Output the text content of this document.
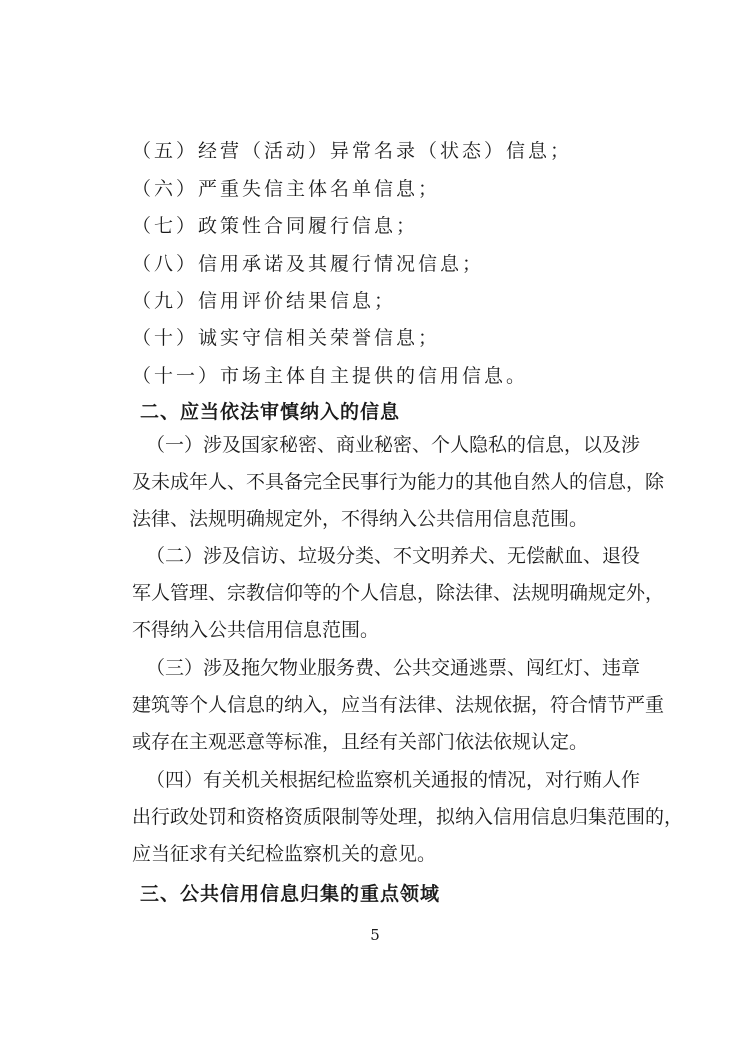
（五）经营（活动）异常名录（状态）信息；
（六）严重失信主体名单信息；
（七）政策性合同履行信息；
（八）信用承诺及其履行情况信息；
（九）信用评价结果信息；
（十）诚实守信相关荣誉信息；
（十一）市场主体自主提供的信用信息。
二、应当依法审慎纳入的信息
（一）涉及国家秘密、商业秘密、个人隐私的信息，以及涉
及未成年人、不具备完全民事行为能力的其他自然人的信息，除
法律、法规明确规定外，不得纳入公共信用信息范围。
（二）涉及信访、垃圾分类、不文明养犬、无偿献血、退役
军人管理、宗教信仰等的个人信息，除法律、法规明确规定外，
不得纳入公共信用信息范围。
（三）涉及拖欠物业服务费、公共交通逃票、闯红灯、违章
建筑等个人信息的纳入，应当有法律、法规依据，符合情节严重
或存在主观恶意等标准，且经有关部门依法依规认定。
（四）有关机关根据纪检监察机关通报的情况，对行贿人作
出行政处罚和资格资质限制等处理，拟纳入信用信息归集范围的，
应当征求有关纪检监察机关的意见。
三、公共信用信息归集的重点领域
5
